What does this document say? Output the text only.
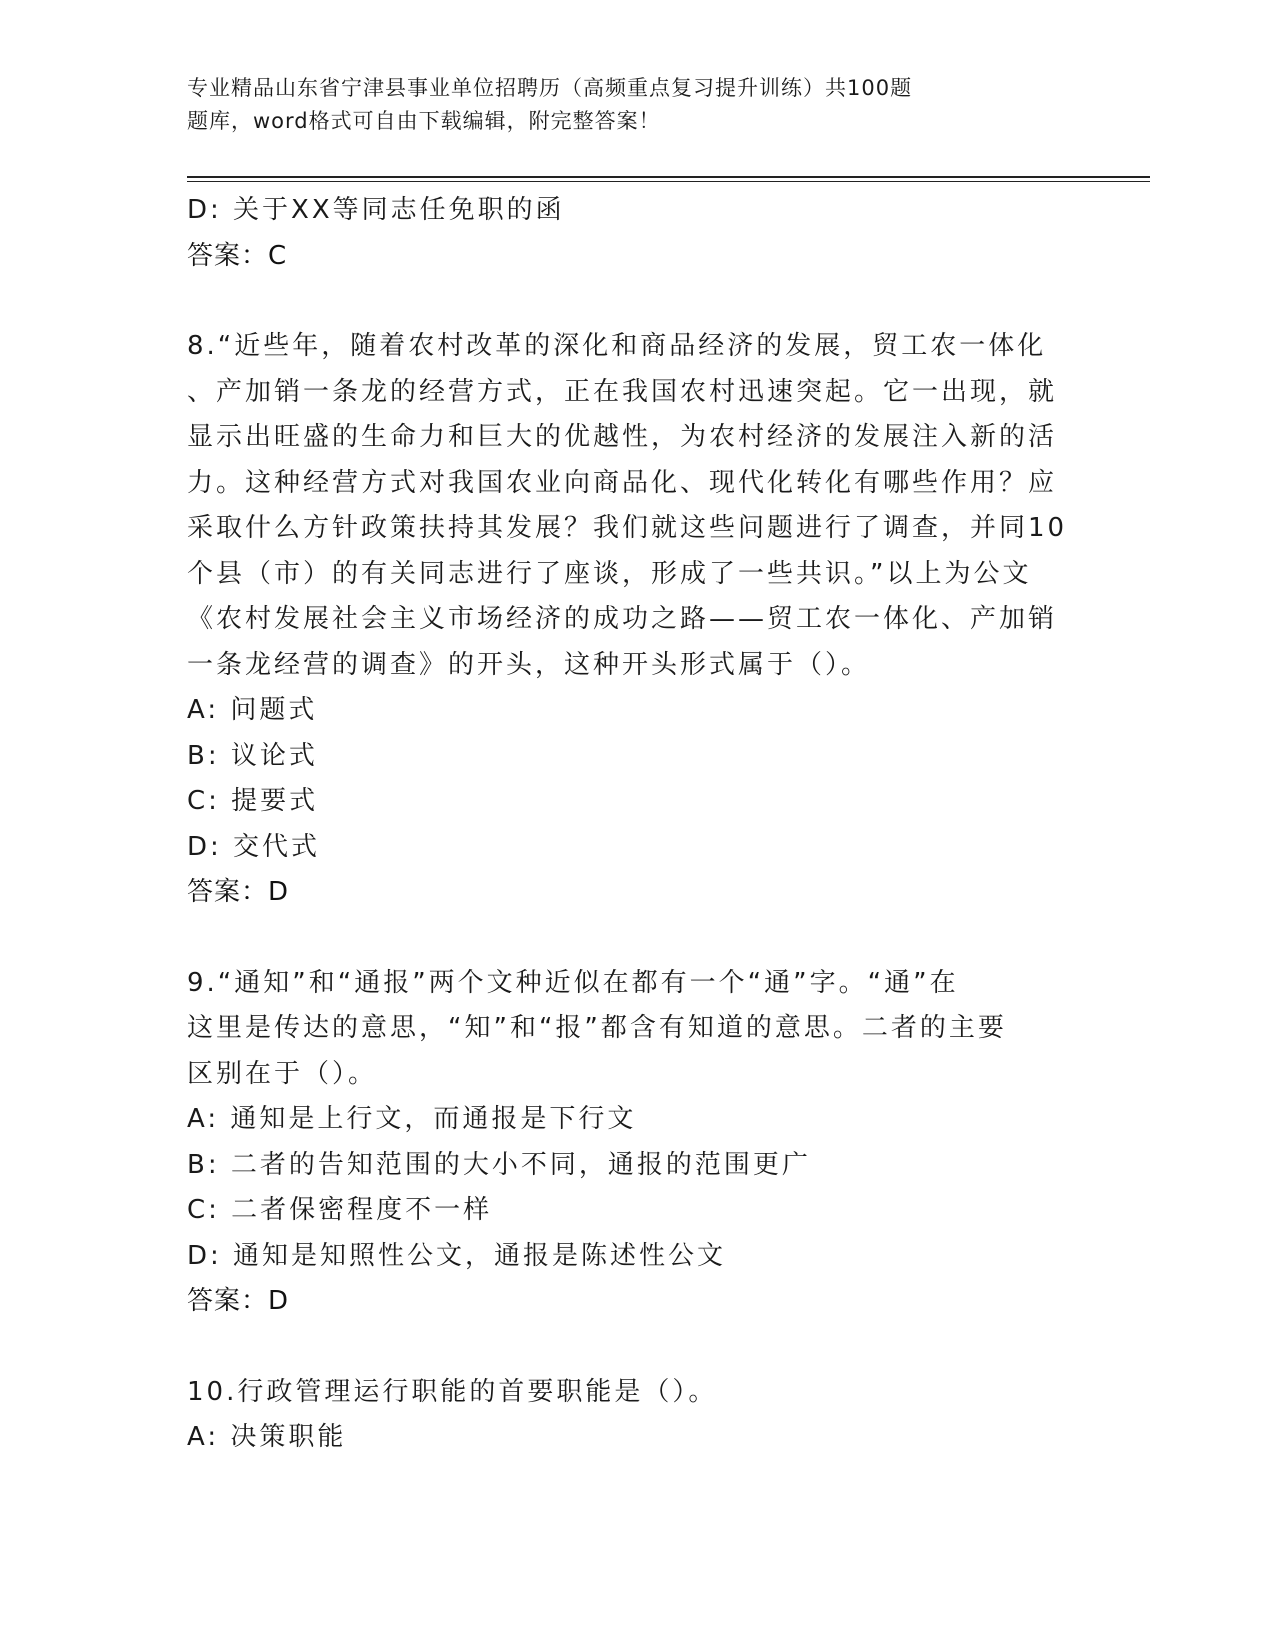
专业精品山东省宁津县事业单位招聘历（高频重点复习提升训练）共100题
题库，word格式可自由下载编辑，附完整答案！
D: 关于XX等同志任免职的函
答案：C
8.“近些年，随着农村改革的深化和商品经济的发展，贸工农一体化
、产加销一条龙的经营方式，正在我国农村迅速突起。它一出现，就
显示出旺盛的生命力和巨大的优越性，为农村经济的发展注入新的活
力。这种经营方式对我国农业向商品化、现代化转化有哪些作用？应
采取什么方针政策扶持其发展？我们就这些问题进行了调查，并同10
个县（市）的有关同志进行了座谈，形成了一些共识。”以上为公文
《农村发展社会主义市场经济的成功之路——贸工农一体化、产加销
一条龙经营的调查》的开头，这种开头形式属于（）。
A: 问题式
B: 议论式
C: 提要式
D: 交代式
答案：D
9.“通知”和“通报”两个文种近似在都有一个“通”字。“通”在
这里是传达的意思，“知”和“报”都含有知道的意思。二者的主要
区别在于（）。
A: 通知是上行文，而通报是下行文
B: 二者的告知范围的大小不同，通报的范围更广
C: 二者保密程度不一样
D: 通知是知照性公文，通报是陈述性公文
答案：D
10.行政管理运行职能的首要职能是（）。
A: 决策职能
